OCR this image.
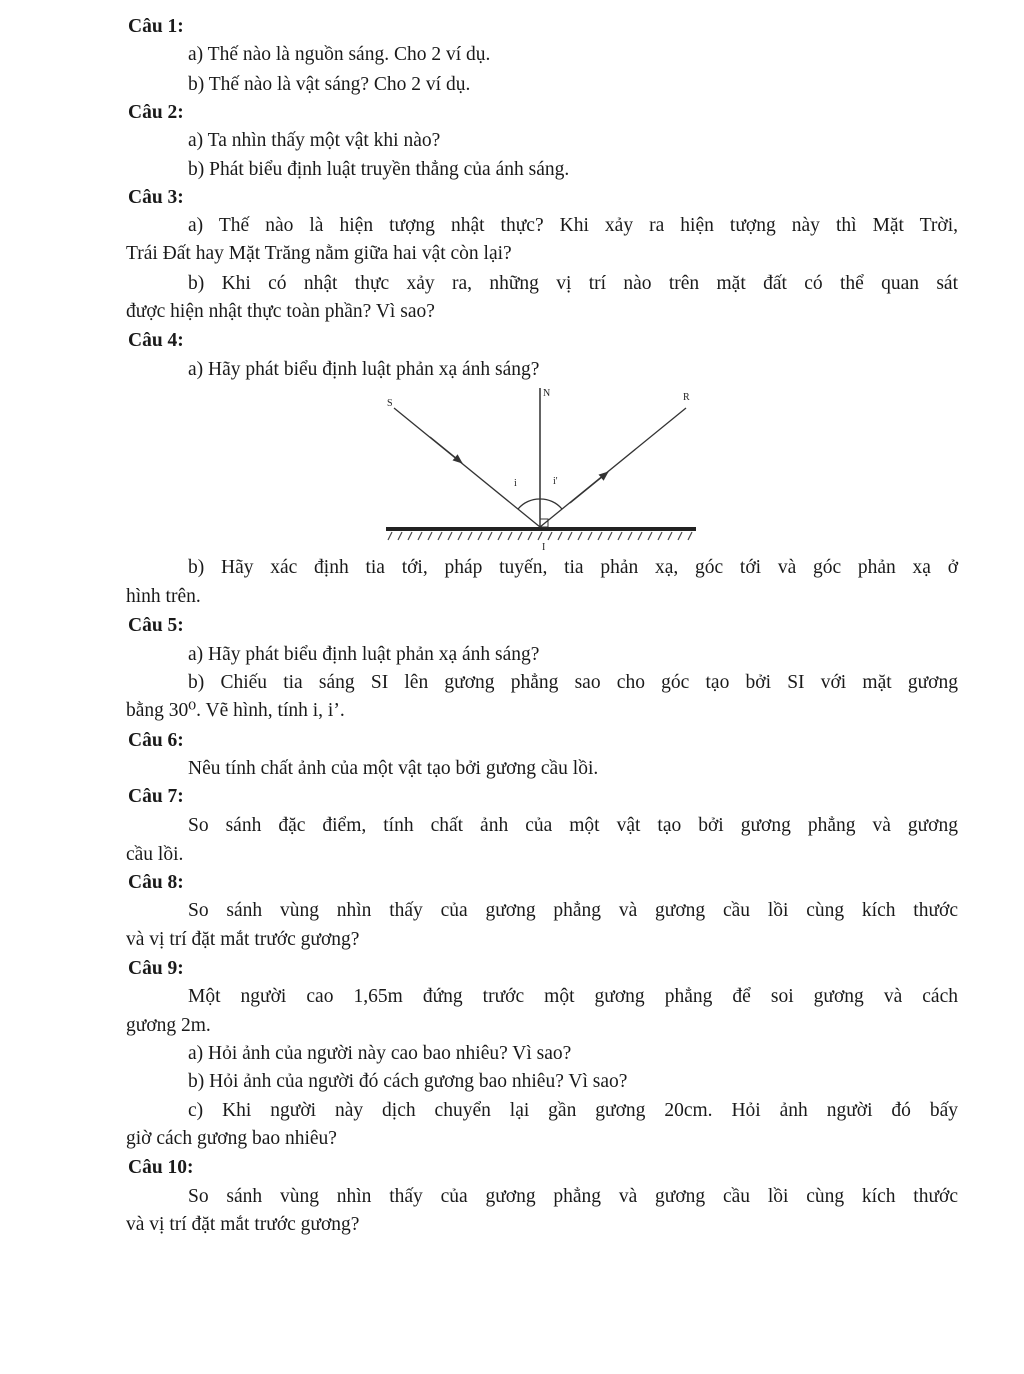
Câu 1:
a) Thế nào là nguồn sáng. Cho 2 ví dụ.
b) Thế nào là vật sáng? Cho 2 ví dụ.
Câu 2:
a) Ta nhìn thấy một vật khi nào?
b) Phát biểu định luật truyền thẳng của ánh sáng.
Câu 3:
a) Thế nào là hiện tượng nhật thực? Khi xảy ra hiện tượng này thì Mặt Trời,
Trái Đất hay Mặt Trăng nằm giữa hai vật còn lại?
b) Khi có nhật thực xảy ra, những vị trí nào trên mặt đất có thể quan sát
được hiện nhật thực toàn phần? Vì sao?
Câu 4:
a) Hãy phát biểu định luật phản xạ ánh sáng?
S
N	R
i	i'
I
b) Hãy xác định tia tới, pháp tuyến, tia phản xạ, góc tới và góc phản xạ ở
hình trên.
Câu 5:
a) Hãy phát biểu định luật phản xạ ánh sáng?
b) Chiếu tia sáng SI lên gương phẳng sao cho góc tạo bởi SI với mặt gương
bằng 30⁰. Vẽ hình, tính i, i’.
Câu 6:
Nêu tính chất ảnh của một vật tạo bởi gương cầu lồi.
Câu 7:
So sánh đặc điểm, tính chất ảnh của một vật tạo bởi gương phẳng và gương
cầu lồi.
Câu 8:
So sánh vùng nhìn thấy của gương phẳng và gương cầu lồi cùng kích thước
và vị trí đặt mắt trước gương?
Câu 9:
Một người cao 1,65m đứng trước một gương phẳng để soi gương và cách
gương 2m.
a) Hỏi ảnh của người này cao bao nhiêu? Vì sao?
b) Hỏi ảnh của người đó cách gương bao nhiêu? Vì sao?
c) Khi người này dịch chuyển lại gần gương 20cm. Hỏi ảnh người đó bấy
giờ cách gương bao nhiêu?
Câu 10:
So sánh vùng nhìn thấy của gương phẳng và gương cầu lồi cùng kích thước
và vị trí đặt mắt trước gương?
